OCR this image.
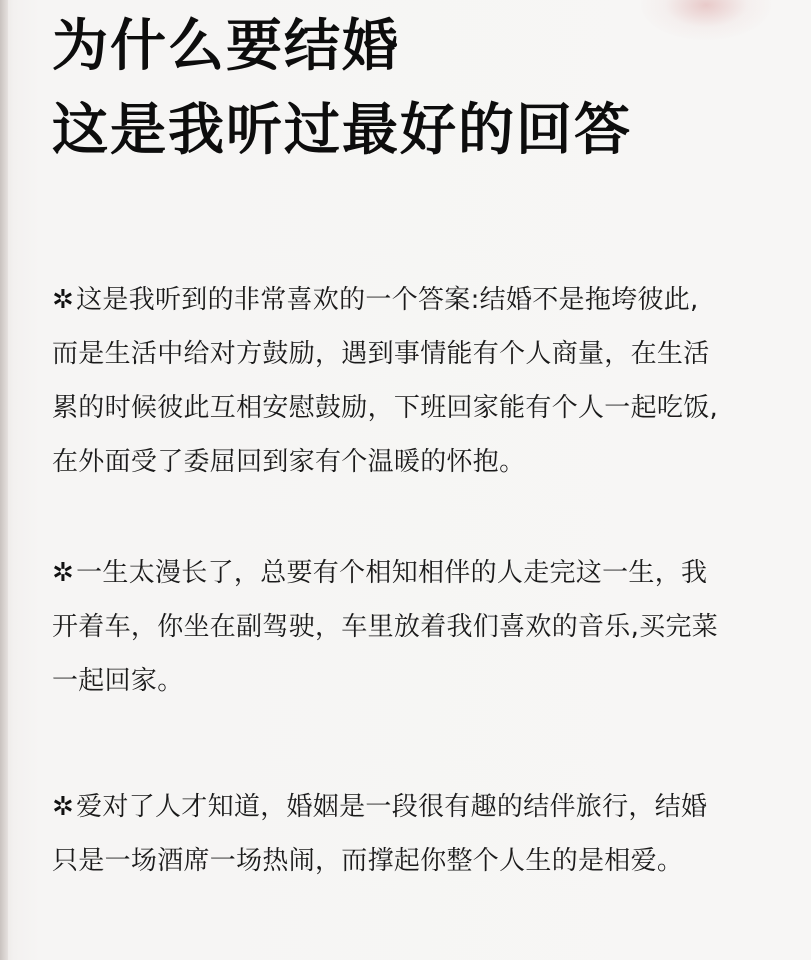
为什么要结婚
这是我听过最好的回答

✲这是我听到的非常喜欢的一个答案:结婚不是拖垮彼此,
而是生活中给对方鼓励，遇到事情能有个人商量，在生活
累的时候彼此互相安慰鼓励，下班回家能有个人一起吃饭,
在外面受了委屈回到家有个温暖的怀抱。

✲一生太漫长了，总要有个相知相伴的人走完这一生，我
开着车，你坐在副驾驶，车里放着我们喜欢的音乐,买完菜
一起回家。

✲爱对了人才知道，婚姻是一段很有趣的结伴旅行，结婚
只是一场酒席一场热闹，而撑起你整个人生的是相爱。
